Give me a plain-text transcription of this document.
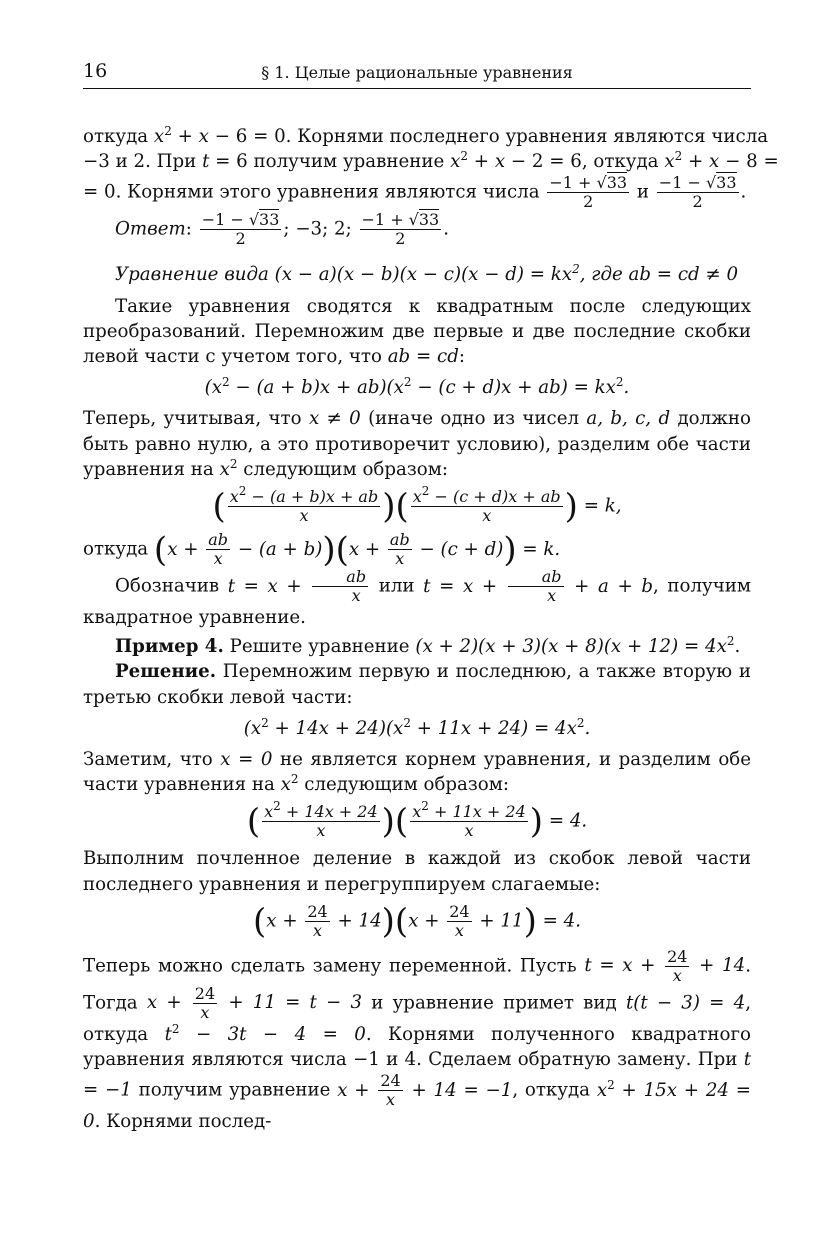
16	§ 1. Целые рациональные уравнения

откуда $x^2 + x - 6 = 0$. Корнями последнего уравнения являются числа
−3 и 2. При t = 6 получим уравнение $x^2 + x - 2 = 6$, откуда $x^2 + x - 8$ =
= 0. Корнями этого уравнения являются числа $\frac{-1 + √33}{2}$ и $\frac{-1 - √33}{2}$ .
Ответ: $\frac{-1 - √33}{2}$ ; −3; 2; $\frac{-1 + √33}{2}$ .

Уравнение вида $(x - a)(x - b)(x - c)(x - d) = kx^2$, где ab = cd ≠ 0

Такие уравнения сводятся к квадратным после следующих преобразований. Перемножим две первые и две последние скобки левой части с учетом того, что ab = cd:

$(x^2 - (a + b)x + ab)(x^2 - (c + d)x + ab) = kx^2$.

Теперь, учитывая, что x ≠ 0 (иначе одно из чисел a, b, c, d должно быть равно нулю, а это противоречит условию), разделим обе части уравнения на $x^2$ следующим образом:

( $\frac{x^2 - (a + b)x + ab}{x}$ )( $\frac{x^2 - (c + d)x + ab}{x}$ ) = k,
откуда $(x + \frac{ab}{x} - (a + b))(x + \frac{ab}{x} - (c + d)) = k$.

Обозначив $t = x + \frac{ab}{x}$ или $t = x + \frac{ab}{x} + a + b$, получим квадратное уравнение.

Пример 4. Решите уравнение $(x + 2)(x + 3)(x + 8)(x + 12) = 4x^2$.

Решение. Перемножим первую и последнюю, а также вторую и третью скобки левой части:

$(x^2 + 14x + 24)(x^2 + 11x + 24) = 4x^2$.

Заметим, что x = 0 не является корнем уравнения, и разделим обе части уравнения на $x^2$ следующим образом:

( $\frac{x^2 + 14x + 24}{x}$ )( $\frac{x^2 + 11x + 24}{x}$ ) = 4.

Выполним почленное деление в каждой из скобок левой части последнего уравнения и перегруппируем слагаемые:

$(x + \frac{24}{x} + 14)(x + \frac{24}{x} + 11) = 4$.

Теперь можно сделать замену переменной. Пусть $t = x + \frac{24}{x} + 14$. Тогда $x + \frac{24}{x} + 11 = t - 3$ и уравнение примет вид t(t − 3) = 4, откуда $t^2 - 3t - 4 = 0$. Корнями полученного квадратного уравнения являются числа −1 и 4. Сделаем обратную замену. При t = −1 получим уравнение $x + \frac{24}{x} + 14 = -1$, откуда $x^2 + 15x + 24 = 0$. Корнями послед-
